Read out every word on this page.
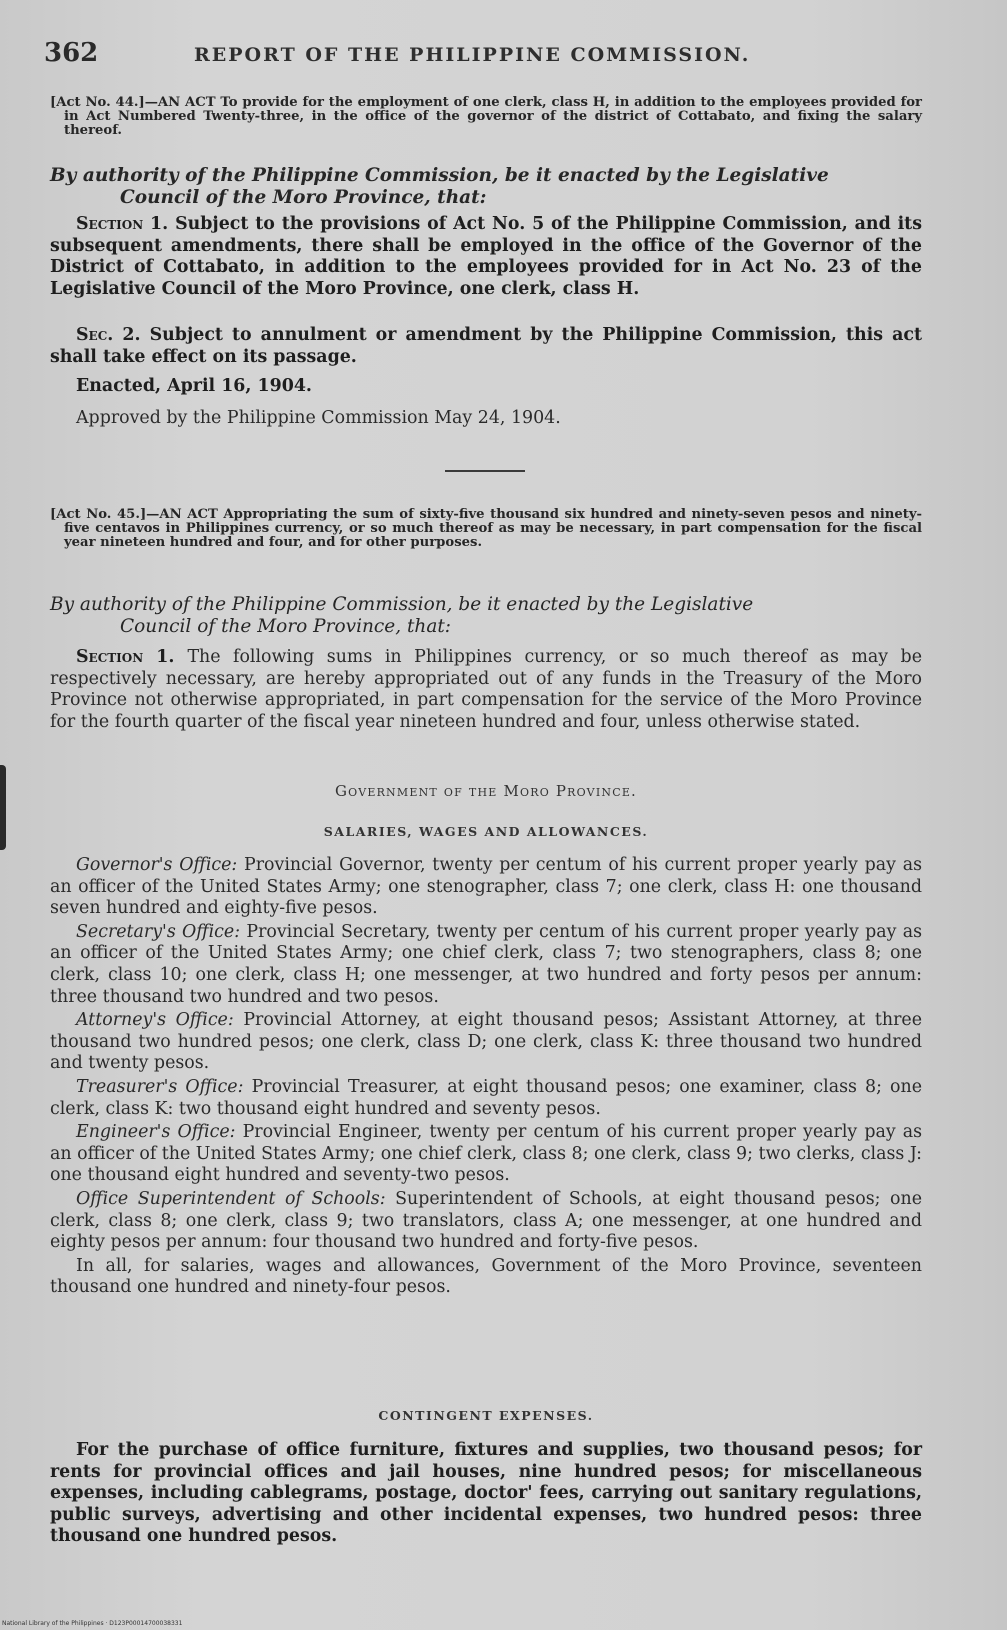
362	REPORT OF THE PHILIPPINE COMMISSION.

[Act No. 44.]—AN ACT To provide for the employment of one clerk, class H, in addition to the employees provided for in Act Numbered Twenty-three, in the office of the governor of the district of Cottabato, and fixing the salary thereof.

By authority of the Philippine Commission, be it enacted by the Legislative
Council of the Moro Province, that:

Section 1. Subject to the provisions of Act No. 5 of the Philippine Commission, and its subsequent amendments, there shall be employed in the office of the Governor of the District of Cottabato, in addition to the employees provided for in Act No. 23 of the Legislative Council of the Moro Province, one clerk, class H.

Sec. 2. Subject to annulment or amendment by the Philippine Commission, this act shall take effect on its passage.

Enacted, April 16, 1904.

Approved by the Philippine Commission May 24, 1904.

[Act No. 45.]—AN ACT Appropriating the sum of sixty-five thousand six hundred and ninety-seven pesos and ninety-five centavos in Philippines currency, or so much thereof as may be necessary, in part compensation for the fiscal year nineteen hundred and four, and for other purposes.

By authority of the Philippine Commission, be it enacted by the Legislative
Council of the Moro Province, that:

Section 1. The following sums in Philippines currency, or so much thereof as may be respectively necessary, are hereby appropriated out of any funds in the Treasury of the Moro Province not otherwise appropriated, in part compensation for the service of the Moro Province for the fourth quarter of the fiscal year nineteen hundred and four, unless otherwise stated.

Government of the Moro Province.

SALARIES, WAGES AND ALLOWANCES.

Governor's Office: Provincial Governor, twenty per centum of his current proper yearly pay as an officer of the United States Army; one stenographer, class 7; one clerk, class H: one thousand seven hundred and eighty-five pesos.

Secretary's Office: Provincial Secretary, twenty per centum of his current proper yearly pay as an officer of the United States Army; one chief clerk, class 7; two stenographers, class 8; one clerk, class 10; one clerk, class H; one messenger, at two hundred and forty pesos per annum: three thousand two hundred and two pesos.

Attorney's Office: Provincial Attorney, at eight thousand pesos; Assistant Attorney, at three thousand two hundred pesos; one clerk, class D; one clerk, class K: three thousand two hundred and twenty pesos.

Treasurer's Office: Provincial Treasurer, at eight thousand pesos; one examiner, class 8; one clerk, class K: two thousand eight hundred and seventy pesos.

Engineer's Office: Provincial Engineer, twenty per centum of his current proper yearly pay as an officer of the United States Army; one chief clerk, class 8; one clerk, class 9; two clerks, class J: one thousand eight hundred and seventy-two pesos.

Office Superintendent of Schools: Superintendent of Schools, at eight thousand pesos; one clerk, class 8; one clerk, class 9; two translators, class A; one messenger, at one hundred and eighty pesos per annum: four thousand two hundred and forty-five pesos.

In all, for salaries, wages and allowances, Government of the Moro Province, seventeen thousand one hundred and ninety-four pesos.

CONTINGENT EXPENSES.

For the purchase of office furniture, fixtures and supplies, two thousand pesos; for rents for provincial offices and jail houses, nine hundred pesos; for miscellaneous expenses, including cablegrams, postage, doctor' fees, carrying out sanitary regulations, public surveys, advertising and other incidental expenses, two hundred pesos: three thousand one hundred pesos.

National Library of the Philippines · D123P00014700038331
